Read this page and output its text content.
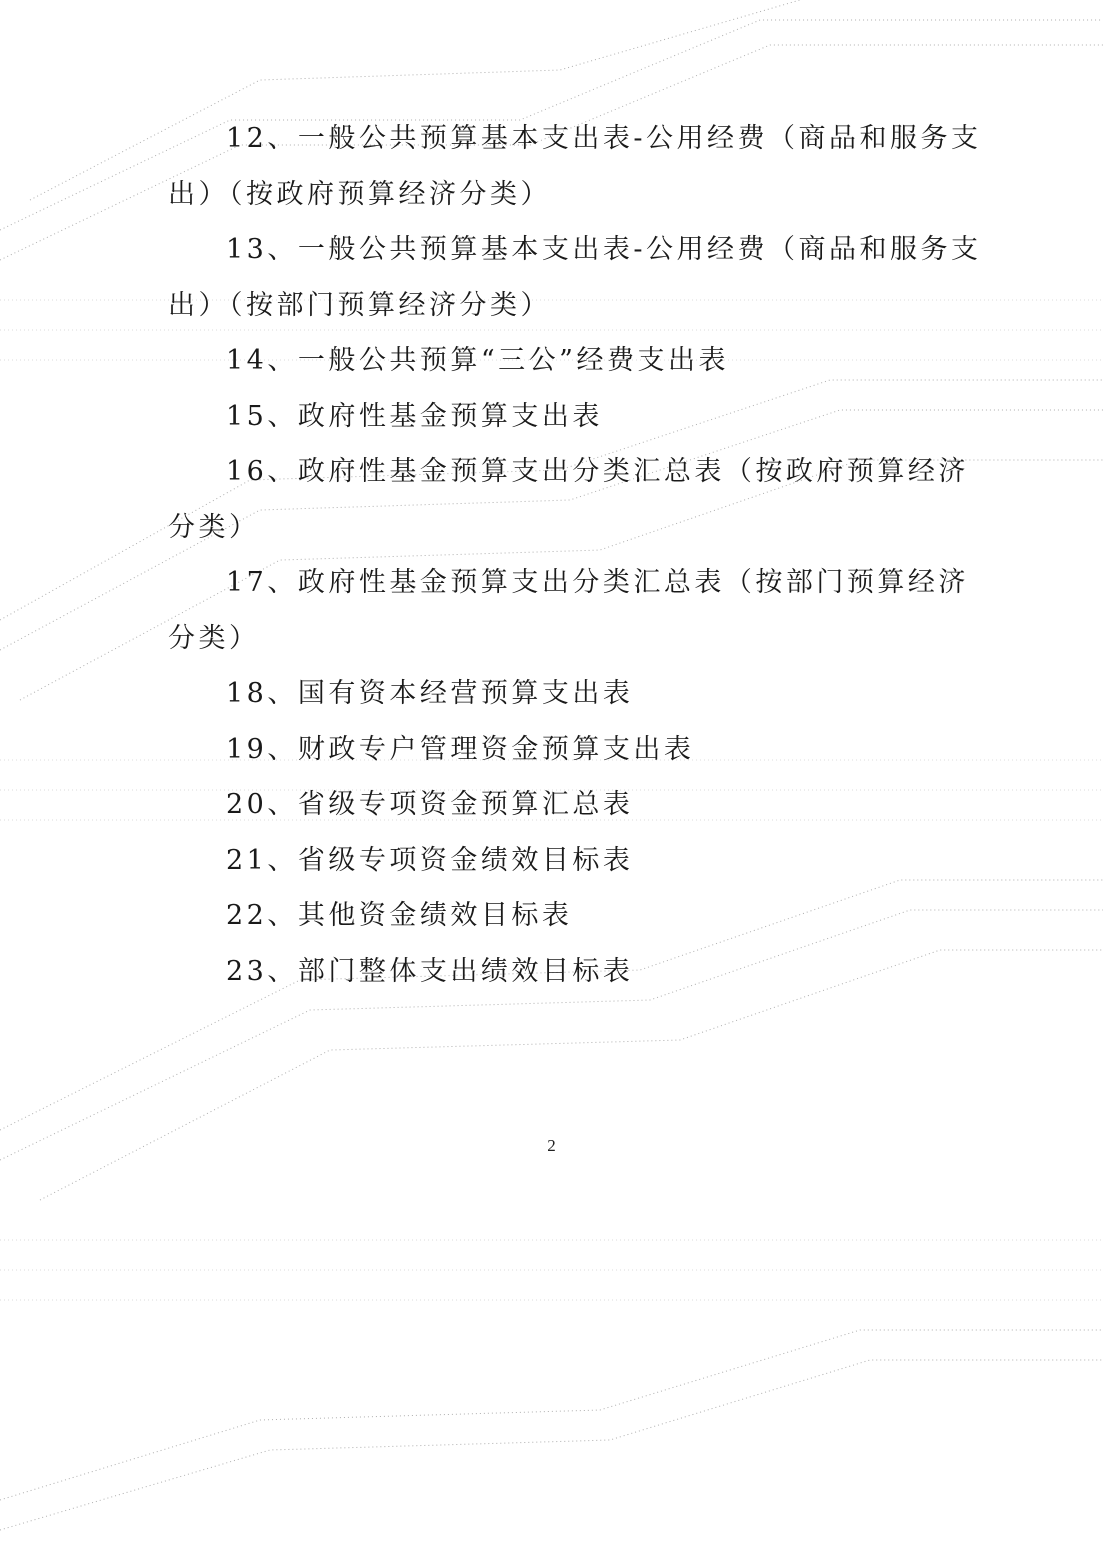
12、一般公共预算基本支出表-公用经费（商品和服务支
出）（按政府预算经济分类）
13、一般公共预算基本支出表-公用经费（商品和服务支
出）（按部门预算经济分类）
14、一般公共预算“三公”经费支出表
15、政府性基金预算支出表
16、政府性基金预算支出分类汇总表（按政府预算经济
分类）
17、政府性基金预算支出分类汇总表（按部门预算经济
分类）
18、国有资本经营预算支出表
19、财政专户管理资金预算支出表
20、省级专项资金预算汇总表
21、省级专项资金绩效目标表
22、其他资金绩效目标表
23、部门整体支出绩效目标表
2
